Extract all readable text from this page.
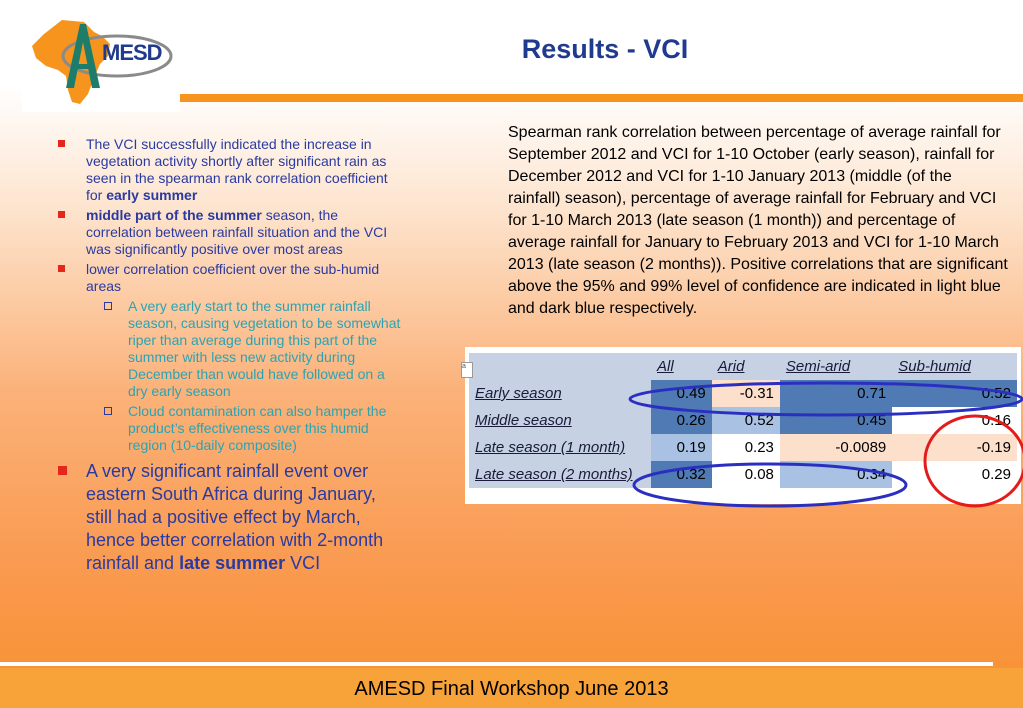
MESD	Results - VCI
The VCI successfully indicated the increase in vegetation activity shortly after significant rain as seen in the spearman rank correlation coefficient for early summer
middle part of the summer season, the correlation between rainfall situation and the VCI was significantly positive over most areas
lower correlation coefficient over the sub-humid areas
A very early start to the summer rainfall season, causing vegetation to be somewhat riper than average during this part of the summer with less new activity during December than would have followed on a dry early season
Cloud contamination can also hamper the product’s effectiveness over this humid region (10-daily composite)
A very significant rainfall event over eastern South Africa during January, still had a positive effect by March, hence better correlation with 2-month rainfall and late summer VCI
Spearman rank correlation between percentage of average rainfall for September 2012 and VCI for 1-10 October (early season), rainfall for December 2012 and VCI for 1-10 January 2013 (middle (of the rainfall) season), percentage of average rainfall for February and VCI for 1-10 March 2013 (late season (1 month)) and percentage of average rainfall for January to February 2013 and VCI for 1-10 March 2013 (late season (2 months)). Positive correlations that are significant above the 95% and 99% level of confidence are indicated in light blue and dark blue respectively.
	All	Arid	Semi-arid	Sub-humid
Early season	0.49	-0.31	0.71	0.52
Middle season	0.26	0.52	0.45	0.16
Late season (1 month)	0.19	0.23	-0.0089	-0.19
Late season (2 months)	0.32	0.08	0.34	0.29
a
AMESD Final Workshop June 2013
